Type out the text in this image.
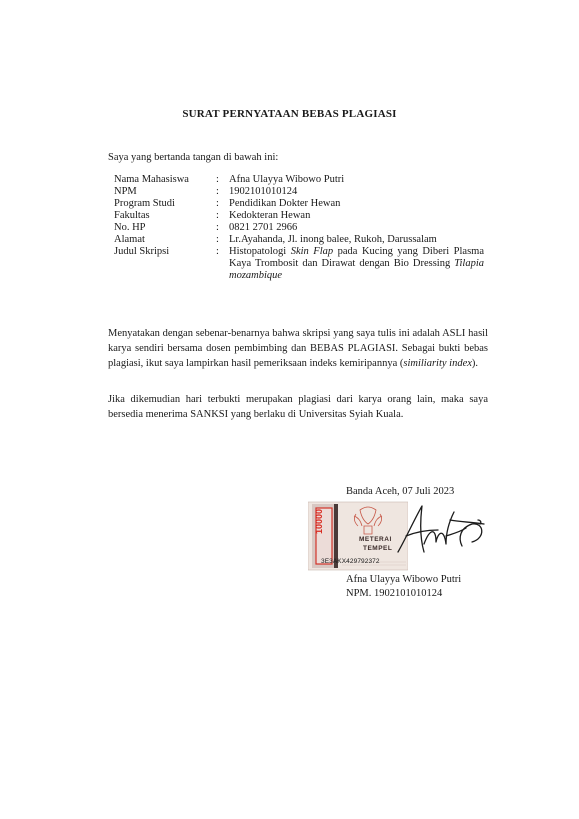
SURAT PERNYATAAN BEBAS PLAGIASI
Saya yang bertanda tangan di bawah ini:
Nama Mahasiswa	: Afna Ulayya Wibowo Putri
NPM	: 1902101010124
Program Studi	: Pendidikan Dokter Hewan
Fakultas	: Kedokteran Hewan
No. HP	: 0821 2701 2966
Alamat	: Lr.Ayahanda, Jl. inong balee, Rukoh, Darussalam
Judul Skripsi	: Histopatologi Skin Flap pada Kucing yang Diberi Plasma Kaya Trombosit dan Dirawat dengan Bio Dressing Tilapia mozambique
Menyatakan dengan sebenar-benarnya bahwa skripsi yang saya tulis ini adalah ASLI hasil karya sendiri bersama dosen pembimbing dan BEBAS PLAGIASI. Sebagai bukti bebas plagiasi, ikut saya lampirkan hasil pemeriksaan indeks kemiripannya (similiarity index).
Jika dikemudian hari terbukti merupakan plagiasi dari karya orang lain, maka saya bersedia menerima SANKSI yang berlaku di Universitas Syiah Kuala.
Banda Aceh, 07 Juli 2023
10000
METERAI
TEMPEL
3E3AKX429792372
Afna Ulayya Wibowo Putri
NPM. 1902101010124
